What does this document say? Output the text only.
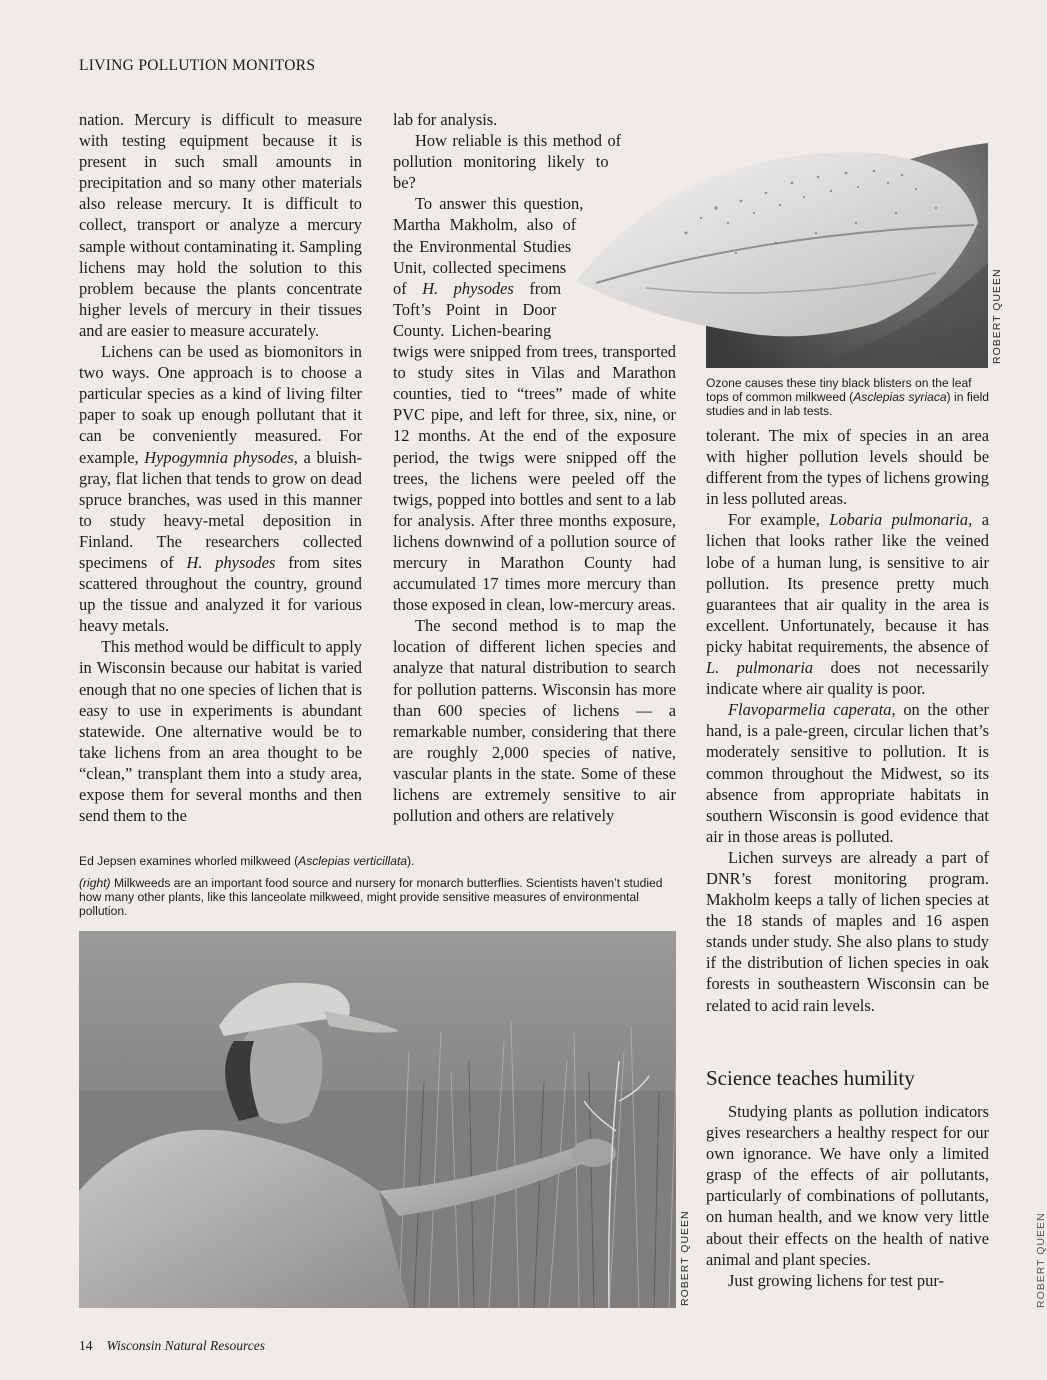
LIVING POLLUTION MONITORS

nation. Mercury is difficult to measure with testing equipment because it is present in such small amounts in precipitation and so many other materials also release mercury. It is difficult to collect, transport or analyze a mercury sample without contaminating it. Sampling lichens may hold the solution to this problem because the plants concentrate higher levels of mercury in their tissues and are easier to measure accurately.

Lichens can be used as biomonitors in two ways. One approach is to choose a particular species as a kind of living filter paper to soak up enough pollutant that it can be conveniently measured. For example, Hypogymnia physodes, a bluish-gray, flat lichen that tends to grow on dead spruce branches, was used in this manner to study heavy-metal deposition in Finland. The researchers collected specimens of H. physodes from sites scattered throughout the country, ground up the tissue and analyzed it for various heavy metals.

This method would be difficult to apply in Wisconsin because our habitat is varied enough that no one species of lichen that is easy to use in experiments is abundant statewide. One alternative would be to take lichens from an area thought to be “clean,” transplant them into a study area, expose them for several months and then send them to the

lab for analysis.

How reliable is this method of pollution monitoring likely to be?

To answer this question, Martha Makholm, also of the Environmental Studies Unit, collected specimens of H. physodes from Toft’s Point in Door County. Lichen-bearing twigs were snipped from trees, transported to study sites in Vilas and Marathon counties, tied to “trees” made of white PVC pipe, and left for three, six, nine, or 12 months. At the end of the exposure period, the twigs were snipped off the trees, the lichens were peeled off the twigs, popped into bottles and sent to a lab for analysis. After three months exposure, lichens downwind of a pollution source of mercury in Marathon County had accumulated 17 times more mercury than those exposed in clean, low-mercury areas.

The second method is to map the location of different lichen species and analyze that natural distribution to search for pollution patterns. Wisconsin has more than 600 species of lichens — a remarkable number, considering that there are roughly 2,000 species of native, vascular plants in the state. Some of these lichens are extremely sensitive to air pollution and others are relatively

ROBERT QUEEN
Ozone causes these tiny black blisters on the leaf tops of common milkweed (Asclepias syriaca) in field studies and in lab tests.

tolerant. The mix of species in an area with higher pollution levels should be different from the types of lichens growing in less polluted areas.

For example, Lobaria pulmonaria, a lichen that looks rather like the veined lobe of a human lung, is sensitive to air pollution. Its presence pretty much guarantees that air quality in the area is excellent. Unfortunately, because it has picky habitat requirements, the absence of L. pulmonaria does not necessarily indicate where air quality is poor.

Flavoparmelia caperata, on the other hand, is a pale-green, circular lichen that’s moderately sensitive to pollution. It is common throughout the Midwest, so its absence from appropriate habitats in southern Wisconsin is good evidence that air in those areas is polluted.

Lichen surveys are already a part of DNR’s forest monitoring program. Makholm keeps a tally of lichen species at the 18 stands of maples and 16 aspen stands under study. She also plans to study if the distribution of lichen species in oak forests in southeastern Wisconsin can be related to acid rain levels.

Science teaches humility

Studying plants as pollution indicators gives researchers a healthy respect for our own ignorance. We have only a limited grasp of the effects of air pollutants, particularly of combinations of pollutants, on human health, and we know very little about their effects on the health of native animal and plant species.

Just growing lichens for test pur-

Ed Jepsen examines whorled milkweed (Asclepias verticillata).
(right) Milkweeds are an important food source and nursery for monarch butterflies. Scientists haven’t studied how many other plants, like this lanceolate milkweed, might provide sensitive measures of environmental pollution.
ROBERT QUEEN	ROBERT QUEEN
14 Wisconsin Natural Resources
